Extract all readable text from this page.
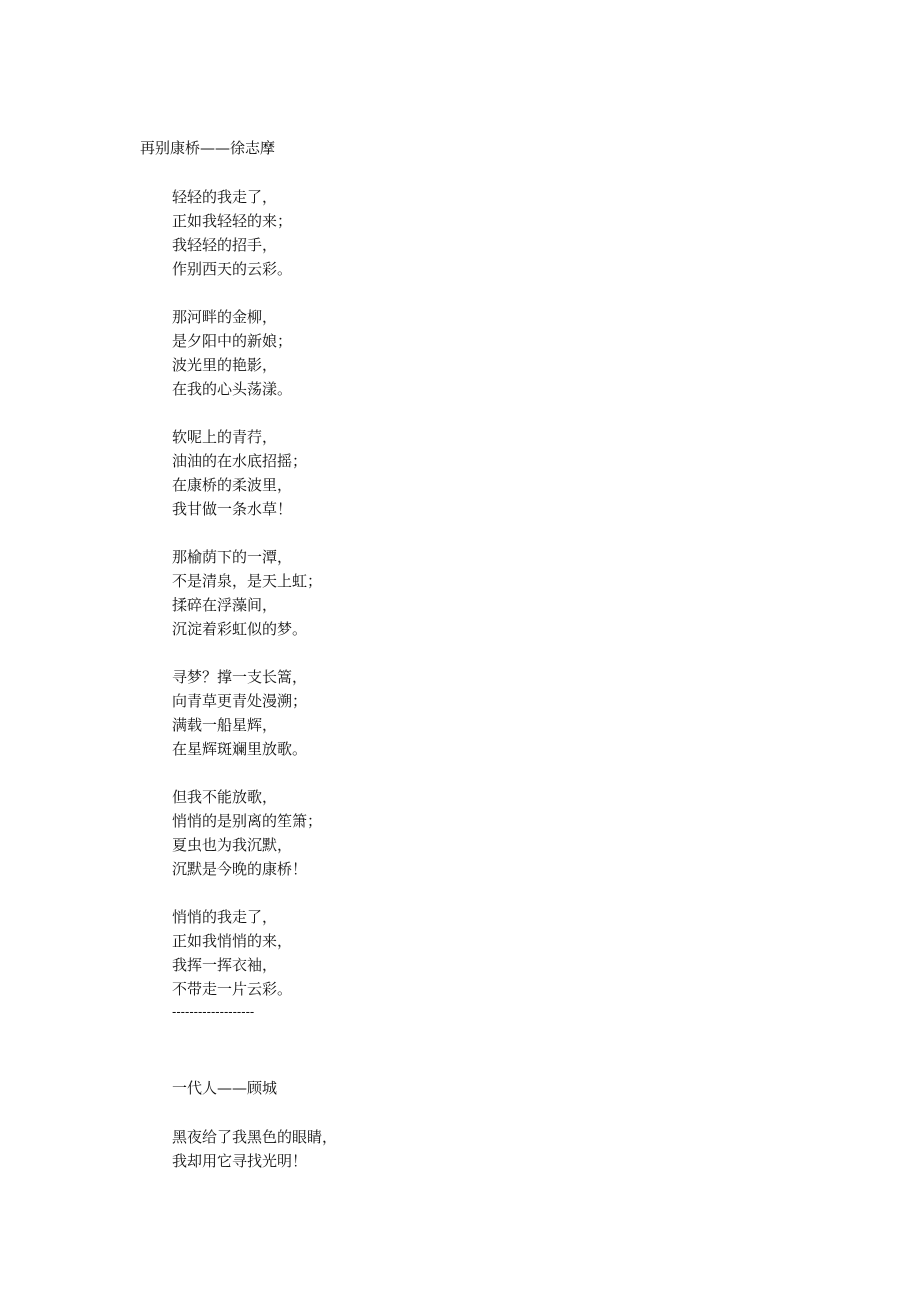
再别康桥——徐志摩
轻轻的我走了，
正如我轻轻的来；
我轻轻的招手，
作别西天的云彩。
那河畔的金柳，
是夕阳中的新娘；
波光里的艳影，
在我的心头荡漾。
软呢上的青荇，
油油的在水底招摇；
在康桥的柔波里，
我甘做一条水草！
那榆荫下的一潭，
不是清泉，是天上虹；
揉碎在浮藻间，
沉淀着彩虹似的梦。
寻梦？撑一支长篙，
向青草更青处漫溯；
满载一船星辉，
在星辉斑斓里放歌。
但我不能放歌，
悄悄的是别离的笙箫；
夏虫也为我沉默，
沉默是今晚的康桥！
悄悄的我走了，
正如我悄悄的来，
我挥一挥衣袖，
不带走一片云彩。
-------------------
一代人——顾城
黑夜给了我黑色的眼睛，
我却用它寻找光明！
